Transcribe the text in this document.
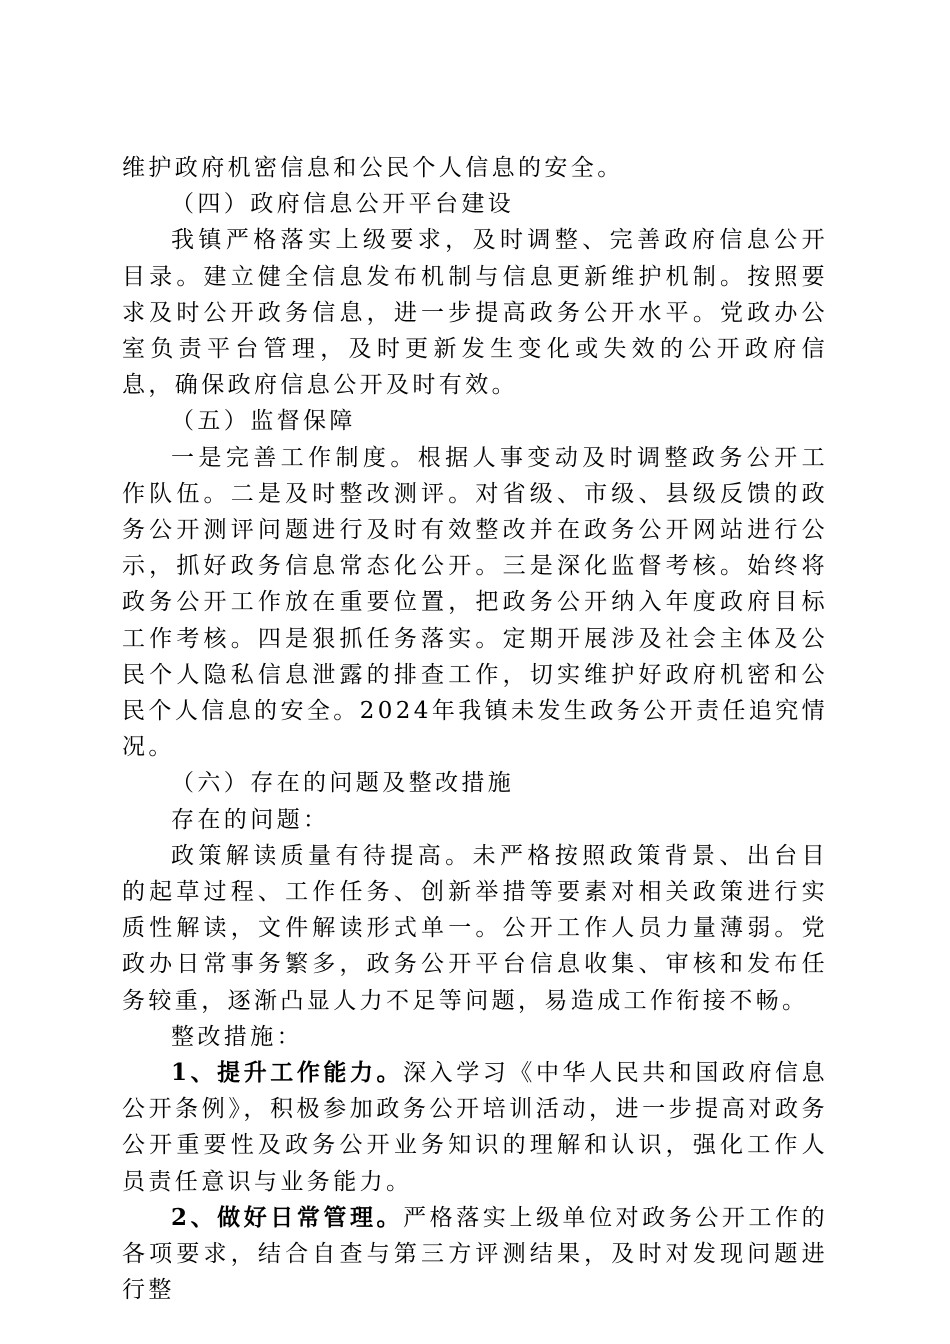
维护政府机密信息和公民个人信息的安全。

（四）政府信息公开平台建设

我镇严格落实上级要求，及时调整、完善政府信息公开目录。建立健全信息发布机制与信息更新维护机制。按照要求及时公开政务信息，进一步提高政务公开水平。党政办公室负责平台管理，及时更新发生变化或失效的公开政府信息，确保政府信息公开及时有效。

（五）监督保障

一是完善工作制度。根据人事变动及时调整政务公开工作队伍。二是及时整改测评。对省级、市级、县级反馈的政务公开测评问题进行及时有效整改并在政务公开网站进行公示，抓好政务信息常态化公开。三是深化监督考核。始终将政务公开工作放在重要位置，把政务公开纳入年度政府目标工作考核。四是狠抓任务落实。定期开展涉及社会主体及公民个人隐私信息泄露的排查工作，切实维护好政府机密和公民个人信息的安全。2024年我镇未发生政务公开责任追究情况。

（六）存在的问题及整改措施

存在的问题：

政策解读质量有待提高。未严格按照政策背景、出台目的起草过程、工作任务、创新举措等要素对相关政策进行实质性解读，文件解读形式单一。公开工作人员力量薄弱。党政办日常事务繁多，政务公开平台信息收集、审核和发布任务较重，逐渐凸显人力不足等问题，易造成工作衔接不畅。

整改措施：

1、提升工作能力。深入学习《中华人民共和国政府信息公开条例》，积极参加政务公开培训活动，进一步提高对政务公开重要性及政务公开业务知识的理解和认识，强化工作人员责任意识与业务能力。

2、做好日常管理。严格落实上级单位对政务公开工作的各项要求，结合自查与第三方评测结果，及时对发现问题进行整
